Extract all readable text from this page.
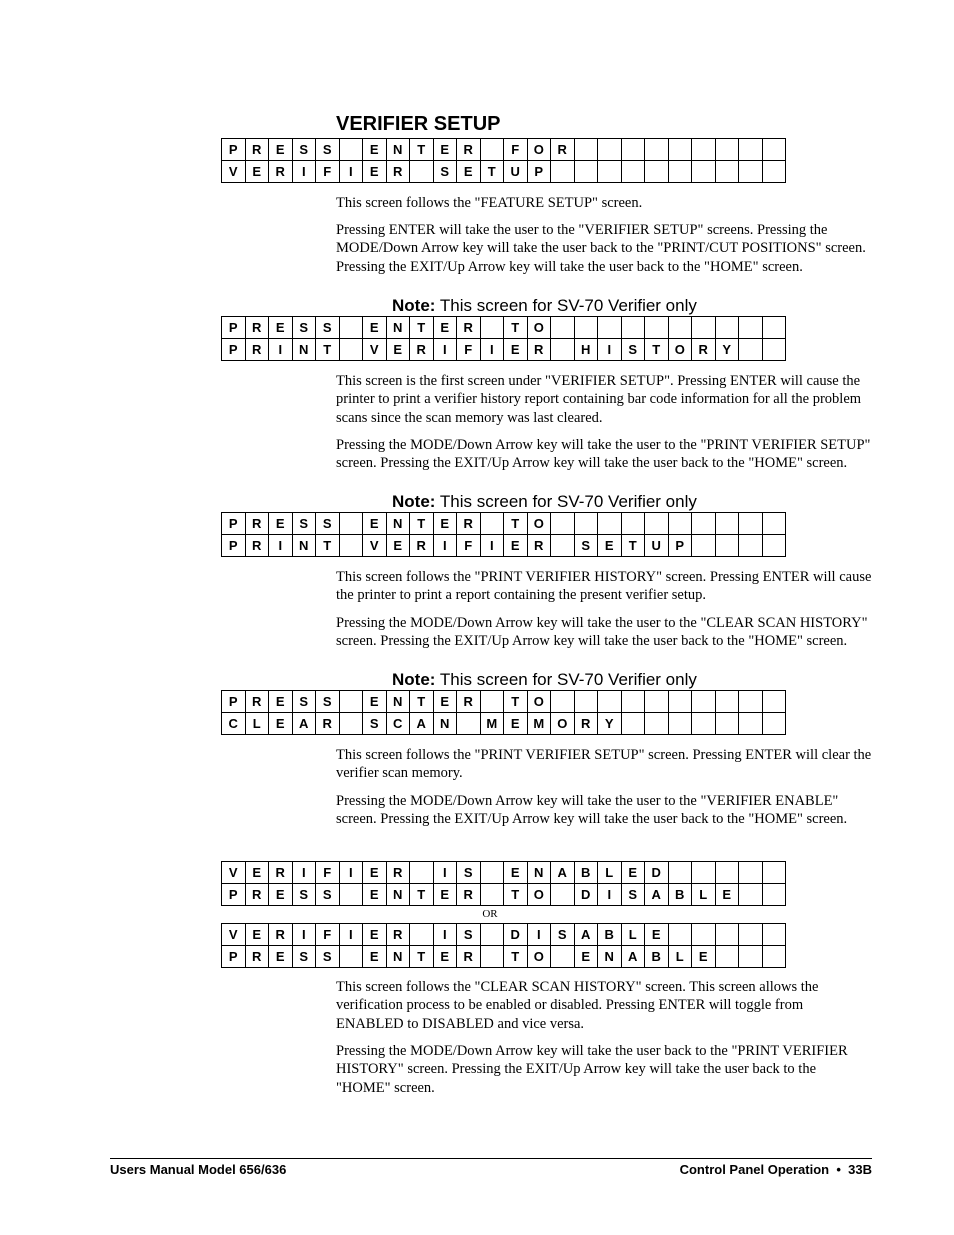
VERIFIER SETUP
P	R	E	S	S		E	N	T	E	R		F	O	R									
V	E	R	I	F	I	E	R		S	E	T	U	P										

This screen follows the "FEATURE SETUP" screen.

Pressing ENTER will take the user to the "VERIFIER SETUP" screens. Pressing the MODE/Down Arrow key will take the user back to the "PRINT/CUT POSITIONS" screen. Pressing the EXIT/Up Arrow key will take the user back to the "HOME" screen.

Note: This screen for SV-70 Verifier only
P	R	E	S	S		E	N	T	E	R		T	O										
P	R	I	N	T		V	E	R	I	F	I	E	R		H	I	S	T	O	R	Y		

This screen is the first screen under "VERIFIER SETUP". Pressing ENTER will cause the printer to print a verifier history report containing bar code information for all the problem scans since the scan memory was last cleared.

Pressing the MODE/Down Arrow key will take the user to the "PRINT VERIFIER SETUP" screen. Pressing the EXIT/Up Arrow key will take the user back to the "HOME" screen.

Note: This screen for SV-70 Verifier only
P	R	E	S	S		E	N	T	E	R		T	O										
P	R	I	N	T		V	E	R	I	F	I	E	R		S	E	T	U	P				

This screen follows the "PRINT VERIFIER HISTORY" screen. Pressing ENTER will cause the printer to print a report containing the present verifier setup.

Pressing the MODE/Down Arrow key will take the user to the "CLEAR SCAN HISTORY" screen. Pressing the EXIT/Up Arrow key will take the user back to the "HOME" screen.

Note: This screen for SV-70 Verifier only
P	R	E	S	S		E	N	T	E	R		T	O										
C	L	E	A	R		S	C	A	N		M	E	M	O	R	Y							

This screen follows the "PRINT VERIFIER SETUP" screen. Pressing ENTER will clear the verifier scan memory.

Pressing the MODE/Down Arrow key will take the user to the "VERIFIER ENABLE" screen. Pressing the EXIT/Up Arrow key will take the user back to the "HOME" screen.

V	E	R	I	F	I	E	R		I	S		E	N	A	B	L	E	D					
P	R	E	S	S		E	N	T	E	R		T	O		D	I	S	A	B	L	E		
OR
V	E	R	I	F	I	E	R		I	S		D	I	S	A	B	L	E					
P	R	E	S	S		E	N	T	E	R		T	O		E	N	A	B	L	E			

This screen follows the "CLEAR SCAN HISTORY" screen. This screen allows the verification process to be enabled or disabled. Pressing ENTER will toggle from ENABLED to DISABLED and vice versa.

Pressing the MODE/Down Arrow key will take the user back to the "PRINT VERIFIER HISTORY" screen. Pressing the EXIT/Up Arrow key will take the user back to the "HOME" screen.

Users Manual Model 656/636	Control Panel Operation • 33B
